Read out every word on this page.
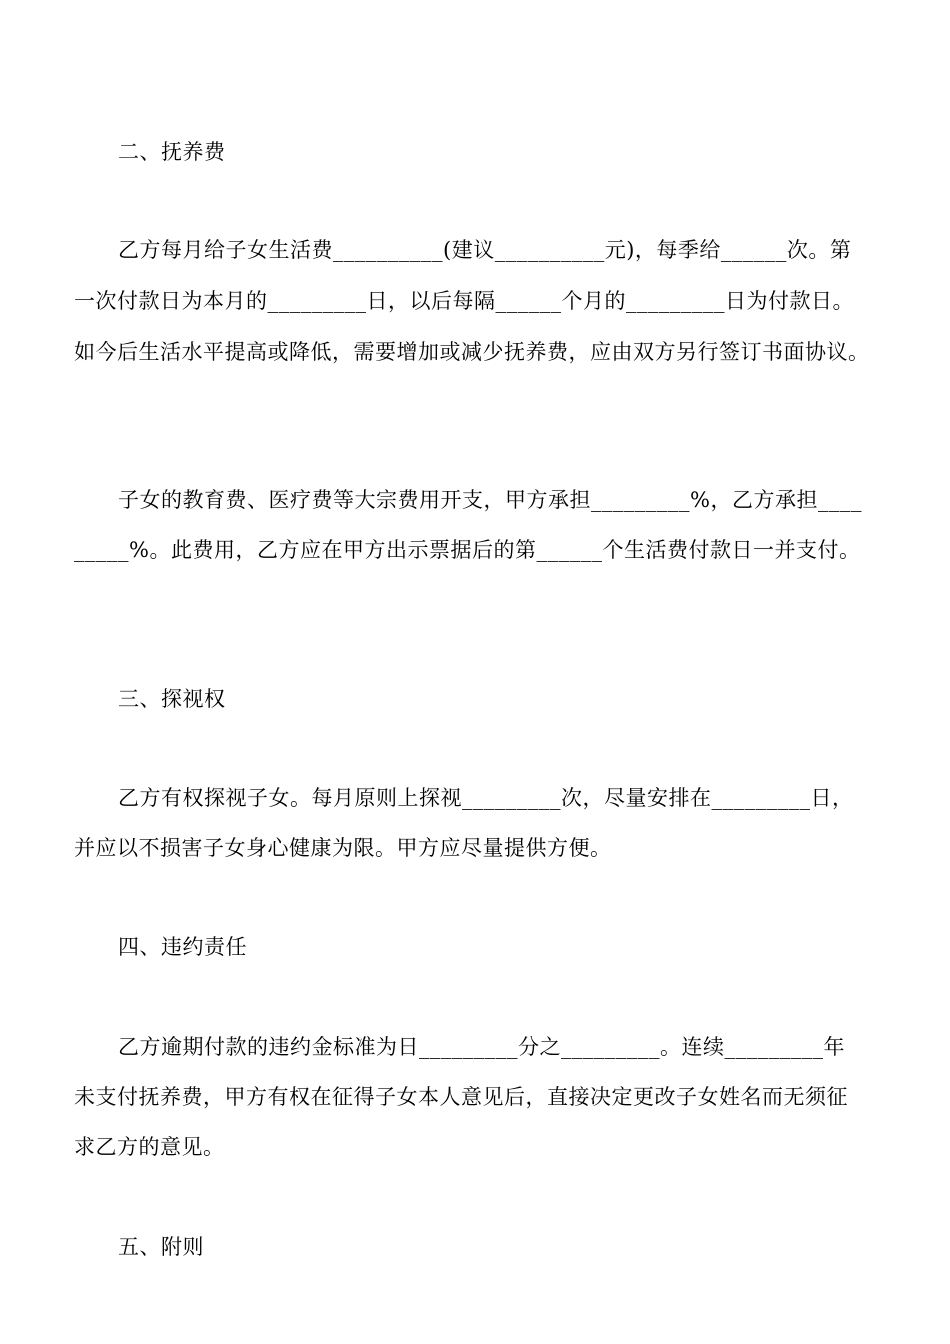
二、抚养费
乙方每月给子女生活费__________(建议__________元)，每季给______次。第
一次付款日为本月的_________日，以后每隔______个月的_________日为付款日。
如今后生活水平提高或降低，需要增加或减少抚养费，应由双方另行签订书面协议。
子女的教育费、医疗费等大宗费用开支，甲方承担_________%，乙方承担____
_____%。此费用，乙方应在甲方出示票据后的第______个生活费付款日一并支付。
三、探视权
乙方有权探视子女。每月原则上探视_________次，尽量安排在_________日，
并应以不损害子女身心健康为限。甲方应尽量提供方便。
四、违约责任
乙方逾期付款的违约金标准为日_________分之_________。连续_________年
未支付抚养费，甲方有权在征得子女本人意见后，直接决定更改子女姓名而无须征
求乙方的意见。
五、附则
